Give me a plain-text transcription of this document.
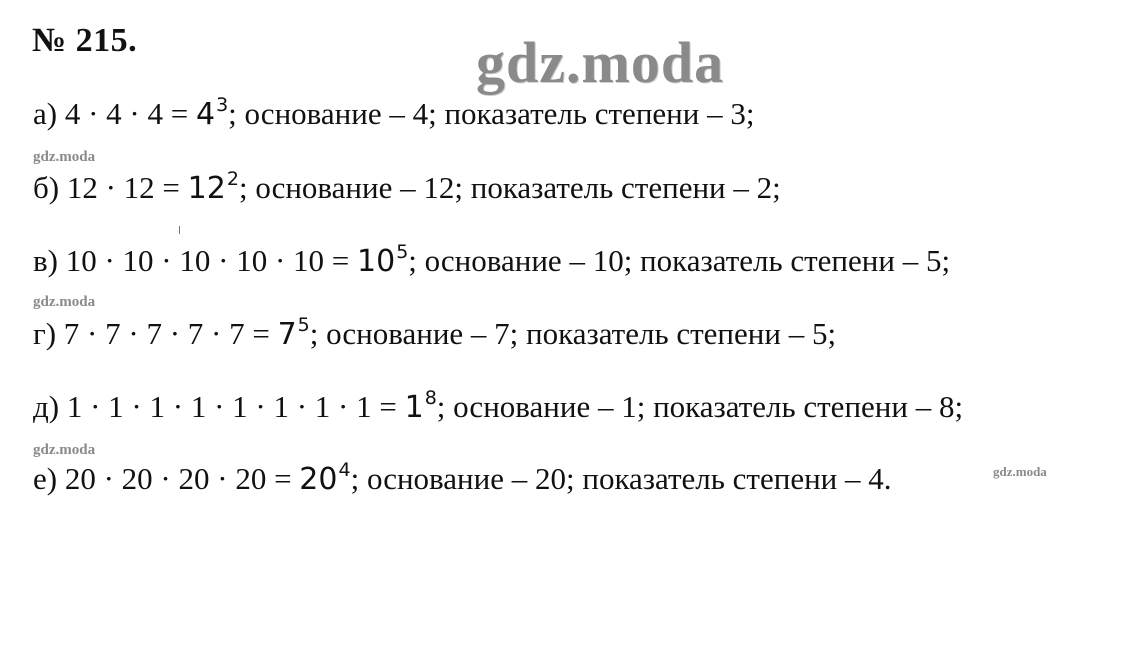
№ 215.	gdz.moda
gdz.moda
gdz.moda
gdz.moda
gdz.moda
а) $4 \cdot 4 \cdot 4 = 4^3$; основание – 4; показатель степени – 3;
б) $12 \cdot 12 = 12^2$; основание – 12; показатель степени – 2;
в) $10 \cdot 10 \cdot 10 \cdot 10 \cdot 10 = 10^5$; основание – 10; показатель степени – 5;
г) $7 \cdot 7 \cdot 7 \cdot 7 \cdot 7 = 7^5$; основание – 7; показатель степени – 5;
д) $1 \cdot 1 \cdot 1 \cdot 1 \cdot 1 \cdot 1 \cdot 1 \cdot 1 = 1^8$; основание – 1; показатель степени – 8;
е) $20 \cdot 20 \cdot 20 \cdot 20 = 20^4$; основание – 20; показатель степени – 4.
